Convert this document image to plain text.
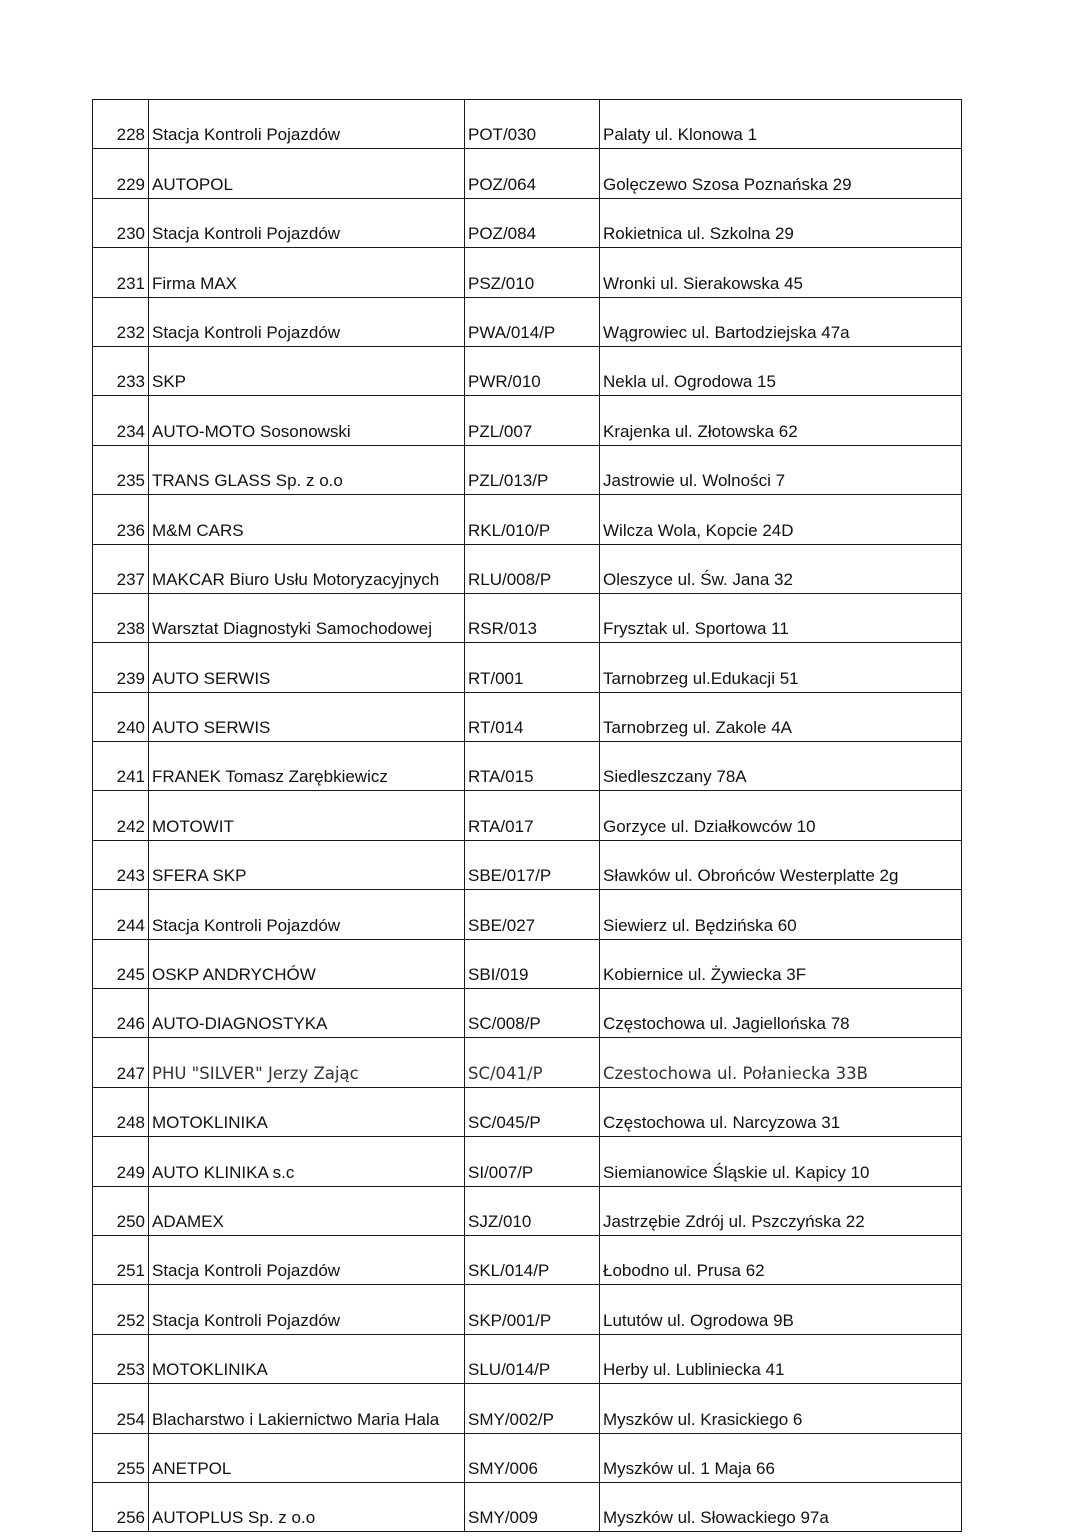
228	Stacja Kontroli Pojazdów	POT/030	Palaty ul. Klonowa 1
229	AUTOPOL	POZ/064	Golęczewo Szosa Poznańska 29
230	Stacja Kontroli Pojazdów	POZ/084	Rokietnica ul. Szkolna 29
231	Firma MAX	PSZ/010	Wronki ul. Sierakowska 45
232	Stacja Kontroli Pojazdów	PWA/014/P	Wągrowiec ul. Bartodziejska 47a
233	SKP	PWR/010	Nekla ul. Ogrodowa 15
234	AUTO-MOTO Sosonowski	PZL/007	Krajenka ul. Złotowska 62
235	TRANS GLASS Sp. z o.o	PZL/013/P	Jastrowie ul. Wolności 7
236	M&M CARS	RKL/010/P	Wilcza Wola, Kopcie 24D
237	MAKCAR Biuro Usłu Motoryzacyjnych	RLU/008/P	Oleszyce ul. Św. Jana 32
238	Warsztat Diagnostyki Samochodowej	RSR/013	Frysztak ul. Sportowa 11
239	AUTO SERWIS	RT/001	Tarnobrzeg ul.Edukacji 51
240	AUTO SERWIS	RT/014	Tarnobrzeg ul. Zakole 4A
241	FRANEK Tomasz Zarębkiewicz	RTA/015	Siedleszczany 78A
242	MOTOWIT	RTA/017	Gorzyce ul. Działkowców 10
243	SFERA SKP	SBE/017/P	Sławków ul. Obrońców Westerplatte 2g
244	Stacja Kontroli Pojazdów	SBE/027	Siewierz ul. Będzińska 60
245	OSKP ANDRYCHÓW	SBI/019	Kobiernice ul. Żywiecka 3F
246	AUTO-DIAGNOSTYKA	SC/008/P	Częstochowa ul. Jagiellońska 78
247	PHU "SILVER" Jerzy Zając	SC/041/P	Czestochowa ul. Połaniecka 33B
248	MOTOKLINIKA	SC/045/P	Częstochowa ul. Narcyzowa 31
249	AUTO KLINIKA s.c	SI/007/P	Siemianowice Śląskie ul. Kapicy 10
250	ADAMEX	SJZ/010	Jastrzębie Zdrój ul. Pszczyńska 22
251	Stacja Kontroli Pojazdów	SKL/014/P	Łobodno ul. Prusa 62
252	Stacja Kontroli Pojazdów	SKP/001/P	Lututów ul. Ogrodowa 9B
253	MOTOKLINIKA	SLU/014/P	Herby ul. Lubliniecka 41
254	Blacharstwo i Lakiernictwo Maria Hala	SMY/002/P	Myszków ul. Krasickiego 6
255	ANETPOL	SMY/006	Myszków ul. 1 Maja 66
256	AUTOPLUS Sp. z o.o	SMY/009	Myszków ul. Słowackiego 97a
